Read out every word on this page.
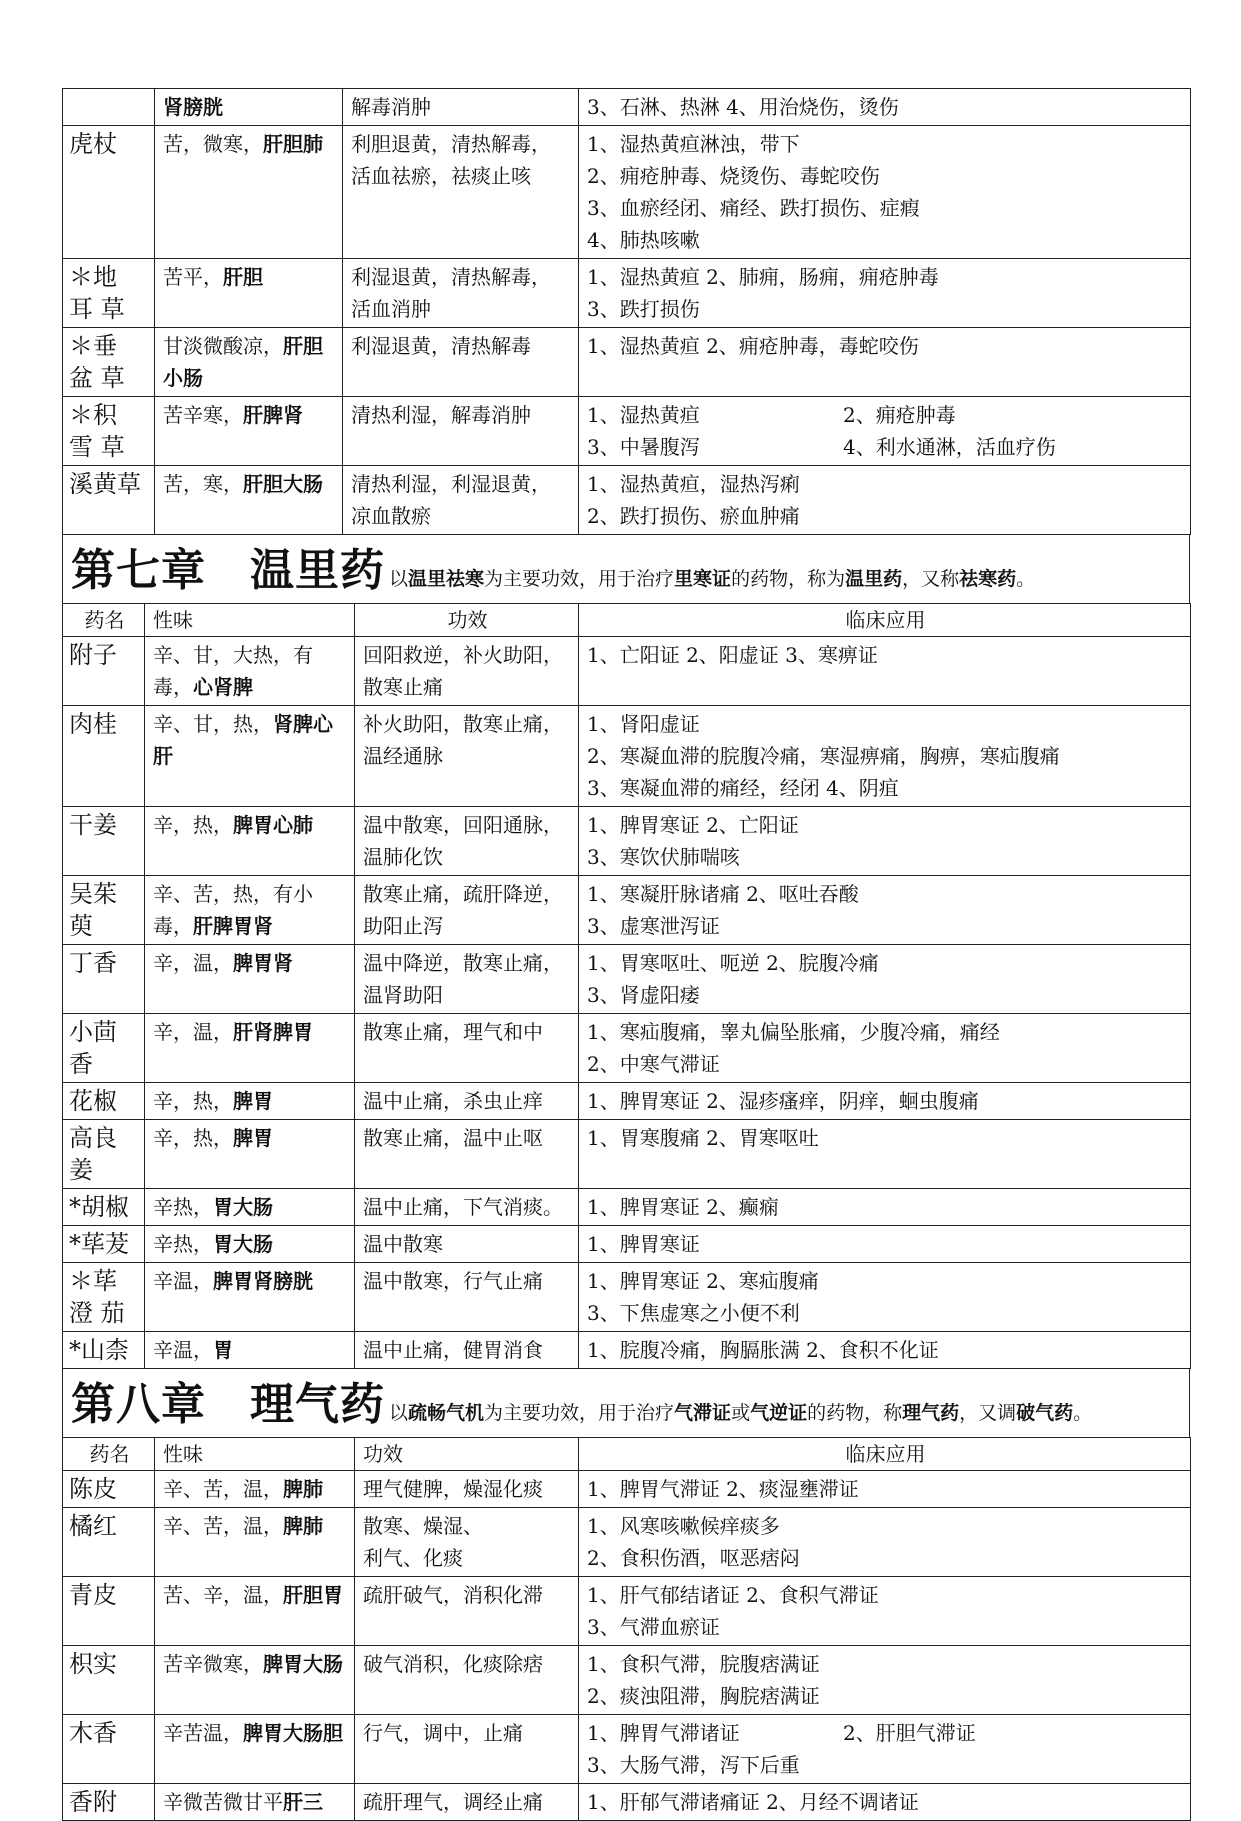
	肾膀胱	解毒消肿	3、石淋、热淋 4、用治烧伤，烫伤

虎杖	苦，微寒，肝胆肺	利胆退黄，清热解毒，
活血祛瘀，祛痰止咳	1、湿热黄疸淋浊，带下
2、痈疮肿毒、烧烫伤、毒蛇咬伤
3、血瘀经闭、痛经、跌打损伤、症瘕
4、肺热咳嗽

＊地 耳 草	苦平，肝胆	利湿退黄，清热解毒，
活血消肿	1、湿热黄疸 2、肺痈，肠痈，痈疮肿毒
3、跌打损伤

＊垂 盆 草	甘淡微酸凉，肝胆小肠	利湿退黄，清热解毒	1、湿热黄疸 2、痈疮肿毒，毒蛇咬伤

＊积 雪 草	苦辛寒，肝脾肾	清热利湿，解毒消肿	1、湿热黄疸 2、痈疮肿毒
3、中暑腹泻 4、利水通淋，活血疗伤

溪黄草	苦，寒，肝胆大肠	清热利湿，利湿退黄，
凉血散瘀	1、湿热黄疸，湿热泻痢
2、跌打损伤、瘀血肿痛
第七章 温里药 以温里祛寒为主要功效，用于治疗里寒证的药物，称为温里药，又称祛寒药。
药名	性味	功效	临床应用
附子	辛、甘，大热，有毒，心肾脾	回阳救逆，补火助阳，
散寒止痛	1、亡阳证 2、阳虚证 3、寒痹证

肉桂	辛、甘，热，肾脾心肝	补火助阳，散寒止痛，
温经通脉	1、肾阳虚证
2、寒凝血滞的脘腹冷痛，寒湿痹痛，胸痹，寒疝腹痛
3、寒凝血滞的痛经，经闭 4、阴疽

干姜	辛，热，脾胃心肺	温中散寒，回阳通脉，
温肺化饮	1、脾胃寒证 2、亡阳证
3、寒饮伏肺喘咳

吴茱萸	辛、苦，热，有小毒，肝脾胃肾	散寒止痛，疏肝降逆，
助阳止泻	1、寒凝肝脉诸痛 2、呕吐吞酸
3、虚寒泄泻证

丁香	辛，温，脾胃肾	温中降逆，散寒止痛，
温肾助阳	1、胃寒呕吐、呃逆 2、脘腹冷痛
3、肾虚阳痿

小茴香	辛，温，肝肾脾胃	散寒止痛，理气和中	1、寒疝腹痛，睾丸偏坠胀痛，少腹冷痛，痛经
2、中寒气滞证

花椒	辛，热，脾胃	温中止痛，杀虫止痒	1、脾胃寒证 2、湿疹瘙痒，阴痒，蛔虫腹痛

高良姜	辛，热，脾胃	散寒止痛，温中止呕	1、胃寒腹痛 2、胃寒呕吐

*胡椒	辛热，胃大肠	温中止痛，下气消痰。	1、脾胃寒证 2、癫痫

*荜茇	辛热，胃大肠	温中散寒	1、脾胃寒证

＊荜 澄 茄	辛温，脾胃肾膀胱	温中散寒，行气止痛	1、脾胃寒证 2、寒疝腹痛
3、下焦虚寒之小便不利

*山柰	辛温，胃	温中止痛，健胃消食	1、脘腹冷痛，胸膈胀满 2、食积不化证
第八章 理气药 以疏畅气机为主要功效，用于治疗气滞证或气逆证的药物，称理气药，又调破气药。
药名	性味	功效	临床应用
陈皮	辛、苦，温，脾肺	理气健脾，燥湿化痰	1、脾胃气滞证 2、痰湿壅滞证

橘红	辛、苦，温，脾肺	散寒、燥湿、
利气、化痰	1、风寒咳嗽候痒痰多
2、食积伤酒，呕恶痞闷

青皮	苦、辛，温，肝胆胃	疏肝破气，消积化滞	1、肝气郁结诸证 2、食积气滞证
3、气滞血瘀证

枳实	苦辛微寒，脾胃大肠	破气消积，化痰除痞	1、食积气滞，脘腹痞满证
2、痰浊阻滞，胸脘痞满证

木香	辛苦温，脾胃大肠胆	行气，调中，止痛	1、脾胃气滞诸证 2、肝胆气滞证
3、大肠气滞，泻下后重

香附	辛微苦微甘平肝三	疏肝理气，调经止痛	1、肝郁气滞诸痛证 2、月经不调诸证
